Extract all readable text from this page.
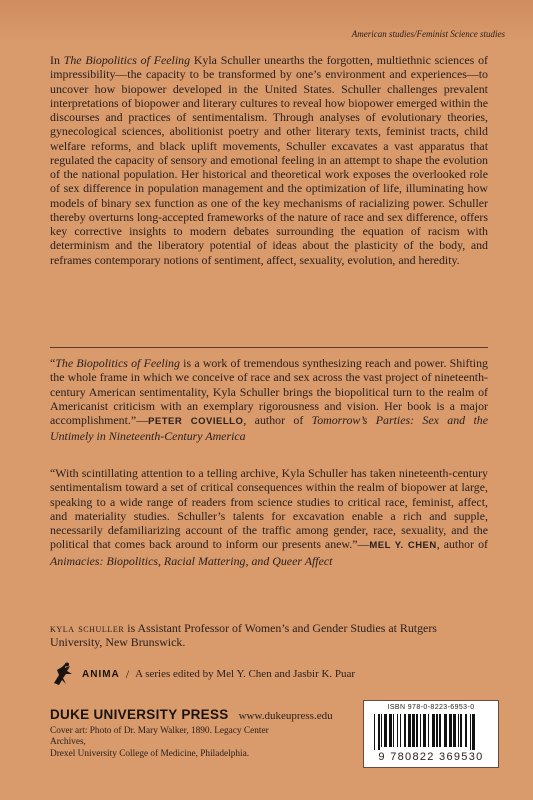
American studies/Feminist Science studies

In The Biopolitics of Feeling Kyla Schuller unearths the forgotten, multiethnic sciences of impressibility—the capacity to be transformed by one’s environment and experiences—to uncover how biopower developed in the United States. Schuller challenges prevalent interpretations of biopower and literary cultures to reveal how biopower emerged within the discourses and practices of sentimentalism. Through analyses of evolutionary theories, gynecological sciences, abolitionist poetry and other literary texts, feminist tracts, child welfare reforms, and black uplift movements, Schuller excavates a vast apparatus that regulated the capacity of sensory and emotional feeling in an attempt to shape the evolution of the national population. Her historical and theoretical work exposes the overlooked role of sex difference in population management and the optimization of life, illuminating how models of binary sex function as one of the key mechanisms of racializing power. Schuller thereby overturns long-accepted frameworks of the nature of race and sex difference, offers key corrective insights to modern debates surrounding the equation of racism with determinism and the liberatory potential of ideas about the plasticity of the body, and reframes contemporary notions of sentiment, affect, sexuality, evolution, and heredity.

“The Biopolitics of Feeling is a work of tremendous synthesizing reach and power. Shifting the whole frame in which we conceive of race and sex across the vast project of nineteenth-century American sentimentality, Kyla Schuller brings the biopolitical turn to the realm of Americanist criticism with an exemplary rigorousness and vision. Her book is a major accomplishment.”—PETER COVIELLO, author of Tomorrow’s Parties: Sex and the Untimely in Nineteenth-Century America

“With scintillating attention to a telling archive, Kyla Schuller has taken nineteenth-century sentimentalism toward a set of critical consequences within the realm of biopower at large, speaking to a wide range of readers from science studies to critical race, feminist, affect, and materiality studies. Schuller’s talents for excavation enable a rich and supple, necessarily defamiliarizing account of the traffic among gender, race, sexuality, and the political that comes back around to inform our presents anew.”—MEL Y. CHEN, author of Animacies: Biopolitics, Racial Mattering, and Queer Affect

kyla schuller is Assistant Professor of Women’s and Gender Studies at Rutgers University, New Brunswick.
ANIMA / A series edited by Mel Y. Chen and Jasbir K. Puar
DUKE UNIVERSITY PRESS www.dukeupress.edu

Cover art: Photo of Dr. Mary Walker, 1890. Legacy Center Archives,

Drexel University College of Medicine, Philadelphia.

ISBN 978-0-8223-6953-0
9 780822 369530
